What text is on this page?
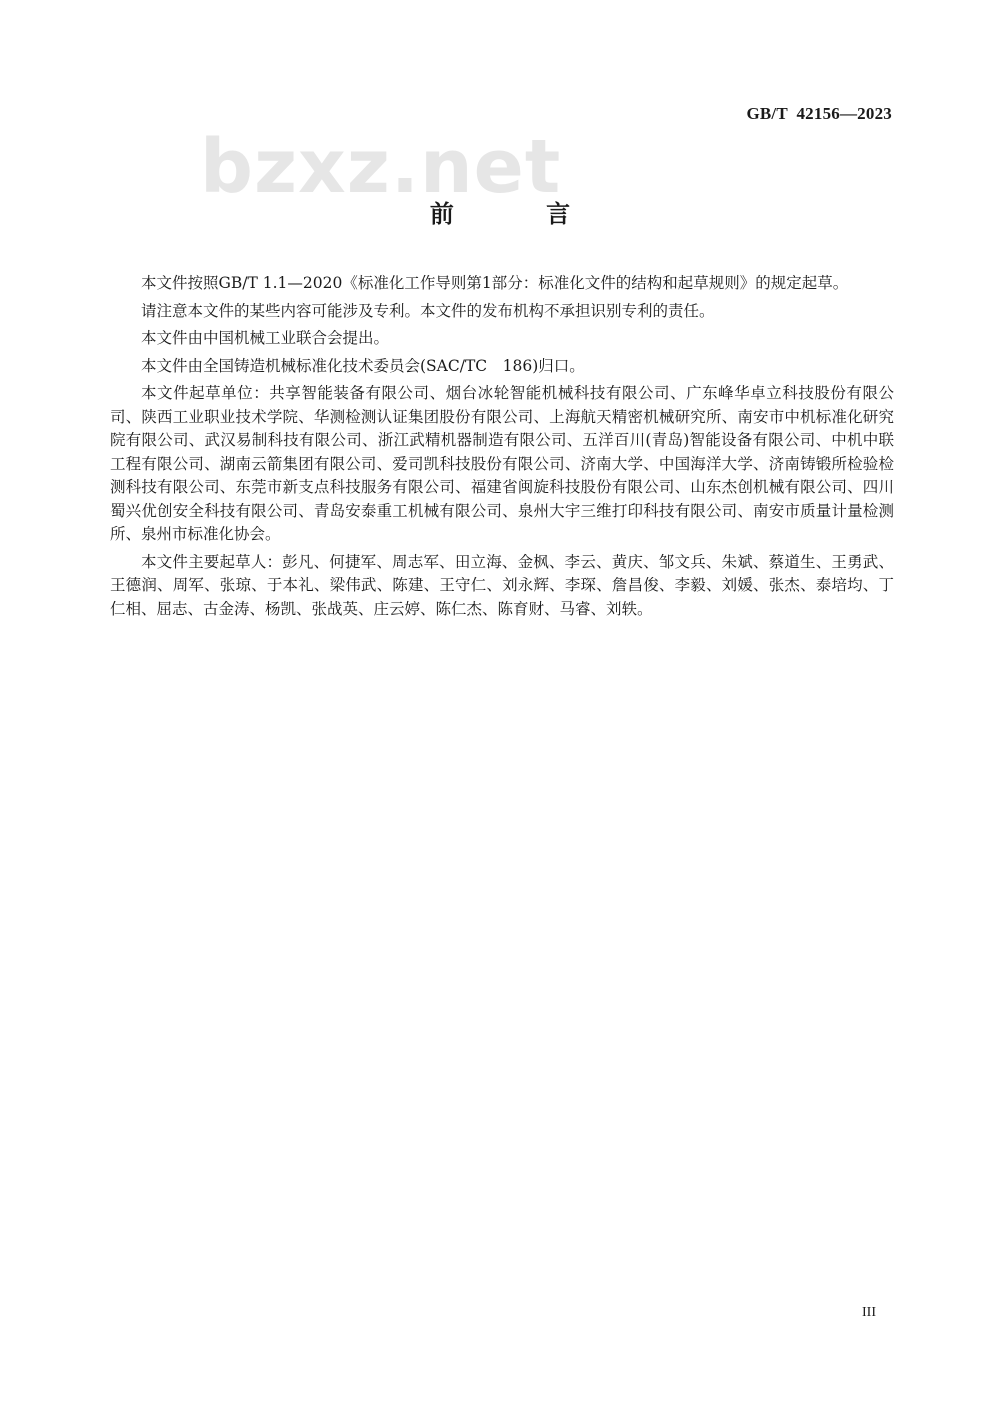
GB/T  42156—2023
bzxz.net
前 言

本文件按照GB/T 1.1—2020《标准化工作导则第1部分：标准化文件的结构和起草规则》的规定起草。

请注意本文件的某些内容可能涉及专利。本文件的发布机构不承担识别专利的责任。

本文件由中国机械工业联合会提出。

本文件由全国铸造机械标准化技术委员会(SAC/TC　186)归口。

本文件起草单位：共享智能装备有限公司、烟台冰轮智能机械科技有限公司、广东峰华卓立科技股份有限公司、陕西工业职业技术学院、华测检测认证集团股份有限公司、上海航天精密机械研究所、南安市中机标准化研究院有限公司、武汉易制科技有限公司、浙江武精机器制造有限公司、五洋百川(青岛)智能设备有限公司、中机中联工程有限公司、湖南云箭集团有限公司、爱司凯科技股份有限公司、济南大学、中国海洋大学、济南铸锻所检验检测科技有限公司、东莞市新支点科技服务有限公司、福建省闽旋科技股份有限公司、山东杰创机械有限公司、四川蜀兴优创安全科技有限公司、青岛安泰重工机械有限公司、泉州大宇三维打印科技有限公司、南安市质量计量检测所、泉州市标准化协会。

本文件主要起草人：彭凡、何捷军、周志军、田立海、金枫、李云、黄庆、邹文兵、朱斌、蔡道生、王勇武、王德润、周军、张琼、于本礼、梁伟武、陈建、王守仁、刘永辉、李琛、詹昌俊、李毅、刘媛、张杰、泰培均、丁仁相、屈志、古金涛、杨凯、张战英、庄云婷、陈仁杰、陈育财、马睿、刘轶。

III
